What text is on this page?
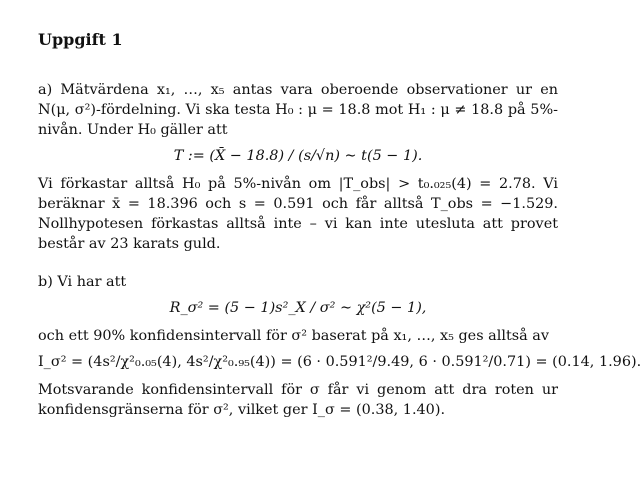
Uppgift 1

a) Mätvärdena x₁, …, x₅ antas vara oberoende observationer ur en N(μ, σ²)-fördelning. Vi ska testa H₀ : μ = 18.8 mot H₁ : μ ≠ 18.8 på 5%-nivån. Under H₀ gäller att

T := (X̄ − 18.8) / (s/√n) ∼ t(5 − 1).

Vi förkastar alltså H₀ på 5%-nivån om |T_obs| > t₀.₀₂₅(4) = 2.78. Vi beräknar x̄ = 18.396 och s = 0.591 och får alltså T_obs = −1.529. Nollhypotesen förkastas alltså inte – vi kan inte utesluta att provet består av 23 karats guld.

b) Vi har att

R_σ² = (5 − 1)s²_X / σ² ∼ χ²(5 − 1),

och ett 90% konfidensintervall för σ² baserat på x₁, …, x₅ ges alltså av

I_σ² = (4s²/χ²₀.₀₅(4), 4s²/χ²₀.₉₅(4)) = (6 · 0.591²/9.49, 6 · 0.591²/0.71) = (0.14, 1.96).

Motsvarande konfidensintervall för σ får vi genom att dra roten ur konfidensgränserna för σ², vilket ger I_σ = (0.38, 1.40).
